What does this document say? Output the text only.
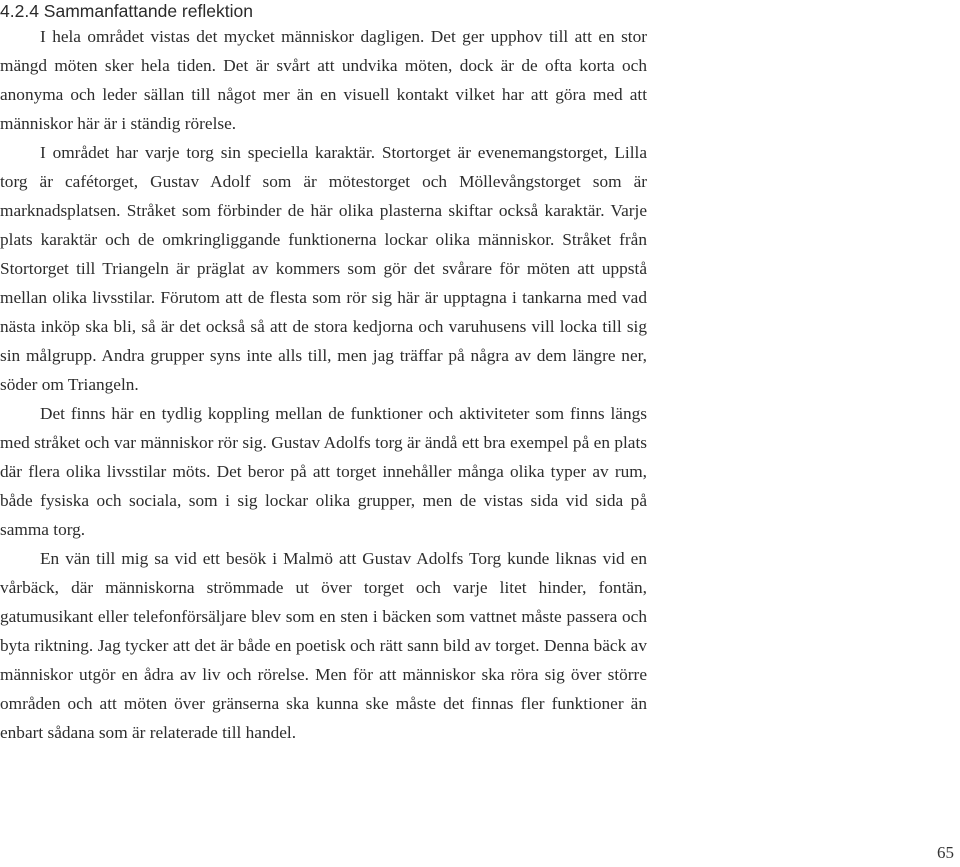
4.2.4 Sammanfattande reflektion

I hela området vistas det mycket människor dagligen. Det ger upphov till att en stor mängd möten sker hela tiden. Det är svårt att undvika möten, dock är de ofta korta och anonyma och leder sällan till något mer än en visuell kontakt vilket har att göra med att människor här är i ständig rörelse.

I området har varje torg sin speciella karaktär. Stortorget är evenemangstorget, Lilla torg är cafétorget, Gustav Adolf som är mötestorget och Möllevångstorget som är marknadsplatsen. Stråket som förbinder de här olika plasterna skiftar också karaktär. Varje plats karaktär och de omkringliggande funktionerna lockar olika människor. Stråket från Stortorget till Triangeln är präglat av kommers som gör det svårare för möten att uppstå mellan olika livsstilar. Förutom att de flesta som rör sig här är upptagna i tankarna med vad nästa inköp ska bli, så är det också så att de stora kedjorna och varuhusens vill locka till sig sin målgrupp. Andra grupper syns inte alls till, men jag träffar på några av dem längre ner, söder om Triangeln.

Det finns här en tydlig koppling mellan de funktioner och aktiviteter som finns längs med stråket och var människor rör sig. Gustav Adolfs torg är ändå ett bra exempel på en plats där flera olika livsstilar möts. Det beror på att torget innehåller många olika typer av rum, både fysiska och sociala, som i sig lockar olika grupper, men de vistas sida vid sida på samma torg.

En vän till mig sa vid ett besök i Malmö att Gustav Adolfs Torg kunde liknas vid en vårbäck, där människorna strömmade ut över torget och varje litet hinder, fontän, gatumusikant eller telefonförsäljare blev som en sten i bäcken som vattnet måste passera och byta riktning. Jag tycker att det är både en poetisk och rätt sann bild av torget. Denna bäck av människor utgör en ådra av liv och rörelse. Men för att människor ska röra sig över större områden och att möten över gränserna ska kunna ske måste det finnas fler funktioner än enbart sådana som är relaterade till handel.

65
